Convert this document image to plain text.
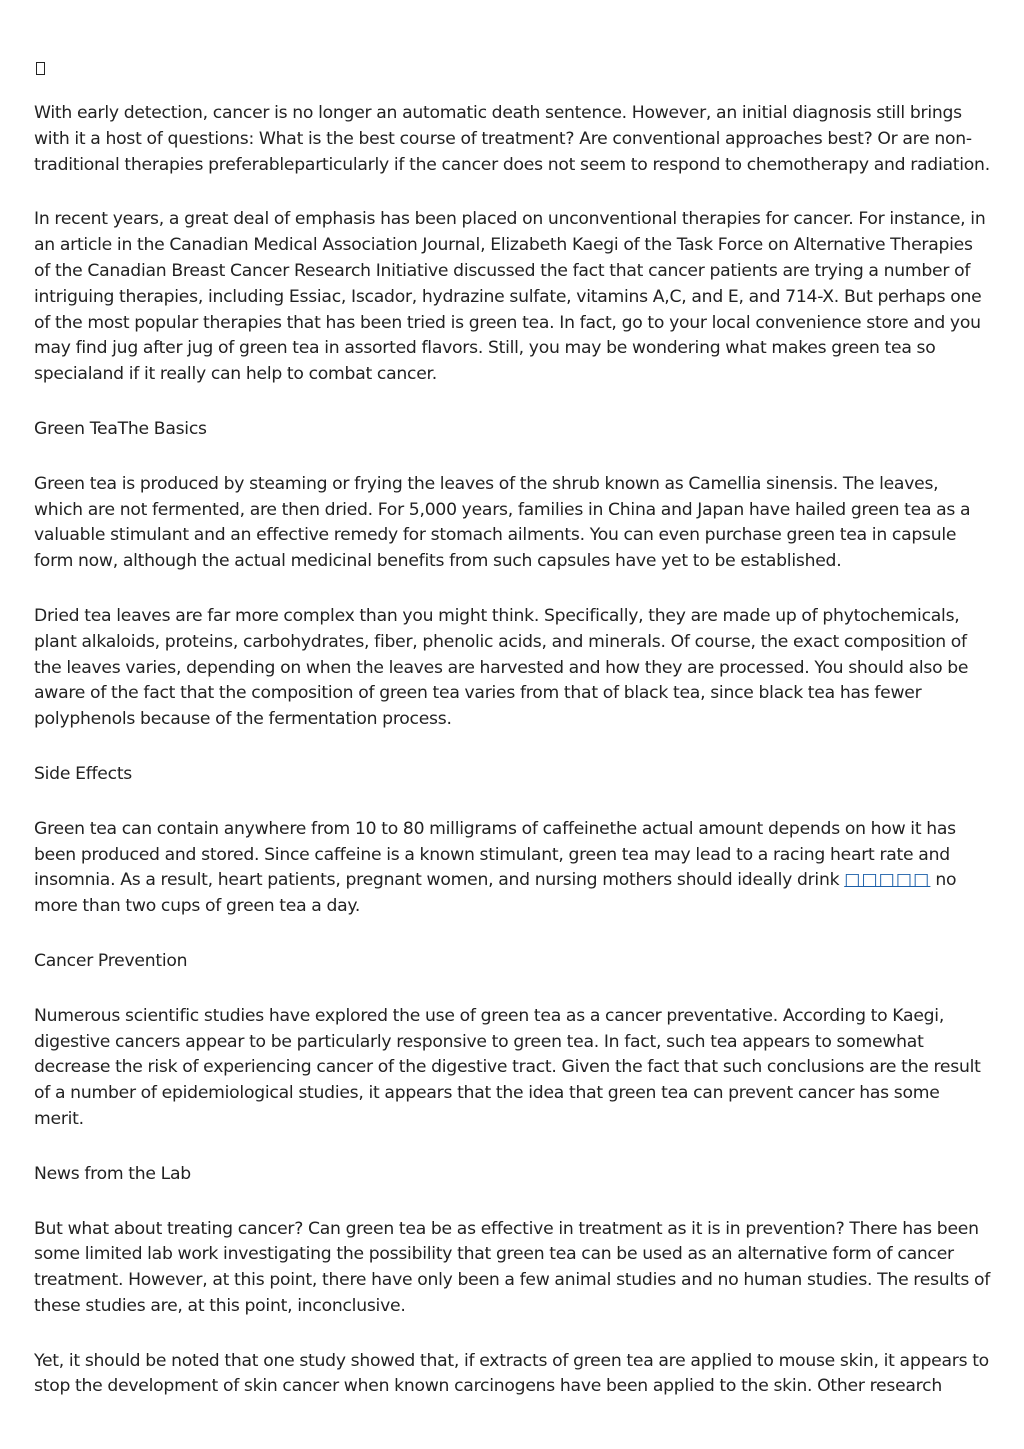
With early detection, cancer is no longer an automatic death sentence. However, an initial diagnosis still brings with it a host of questions: What is the best course of treatment? Are conventional approaches best? Or are non-traditional therapies preferableparticularly if the cancer does not seem to respond to chemotherapy and radiation.

In recent years, a great deal of emphasis has been placed on unconventional therapies for cancer. For instance, in an article in the Canadian Medical Association Journal, Elizabeth Kaegi of the Task Force on Alternative Therapies of the Canadian Breast Cancer Research Initiative discussed the fact that cancer patients are trying a number of intriguing therapies, including Essiac, Iscador, hydrazine sulfate, vitamins A,C, and E, and 714-X. But perhaps one of the most popular therapies that has been tried is green tea. In fact, go to your local convenience store and you may find jug after jug of green tea in assorted flavors. Still, you may be wondering what makes green tea so specialand if it really can help to combat cancer.

Green TeaThe Basics

Green tea is produced by steaming or frying the leaves of the shrub known as Camellia sinensis. The leaves, which are not fermented, are then dried. For 5,000 years, families in China and Japan have hailed green tea as a valuable stimulant and an effective remedy for stomach ailments. You can even purchase green tea in capsule form now, although the actual medicinal benefits from such capsules have yet to be established.

Dried tea leaves are far more complex than you might think. Specifically, they are made up of phytochemicals, plant alkaloids, proteins, carbohydrates, fiber, phenolic acids, and minerals. Of course, the exact composition of the leaves varies, depending on when the leaves are harvested and how they are processed. You should also be aware of the fact that the composition of green tea varies from that of black tea, since black tea has fewer polyphenols because of the fermentation process.

Side Effects

Green tea can contain anywhere from 10 to 80 milligrams of caffeinethe actual amount depends on how it has been produced and stored. Since caffeine is a known stimulant, green tea may lead to a racing heart rate and insomnia. As a result, heart patients, pregnant women, and nursing mothers should ideally drink □□□□□ no more than two cups of green tea a day.

Cancer Prevention

Numerous scientific studies have explored the use of green tea as a cancer preventative. According to Kaegi, digestive cancers appear to be particularly responsive to green tea. In fact, such tea appears to somewhat decrease the risk of experiencing cancer of the digestive tract. Given the fact that such conclusions are the result of a number of epidemiological studies, it appears that the idea that green tea can prevent cancer has some merit.

News from the Lab

But what about treating cancer? Can green tea be as effective in treatment as it is in prevention? There has been some limited lab work investigating the possibility that green tea can be used as an alternative form of cancer treatment. However, at this point, there have only been a few animal studies and no human studies. The results of these studies are, at this point, inconclusive.

Yet, it should be noted that one study showed that, if extracts of green tea are applied to mouse skin, it appears to stop the development of skin cancer when known carcinogens have been applied to the skin. Other research
